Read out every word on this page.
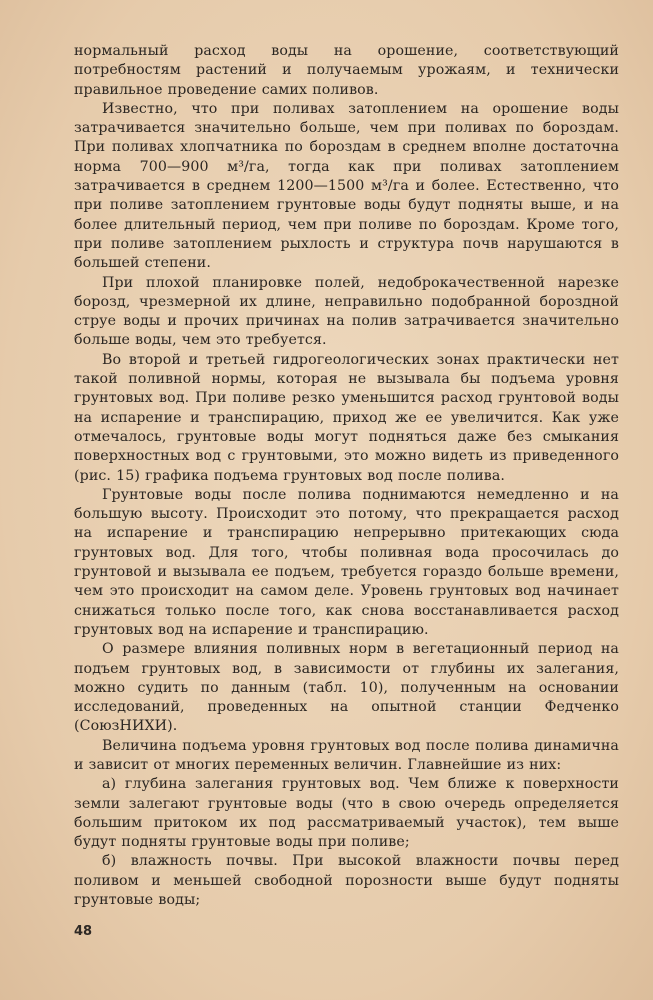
нормальный расход воды на орошение, соответствующий потребностям растений и получаемым урожаям, и технически правильное проведение самих поливов.

Известно, что при поливах затоплением на орошение воды затрачивается значительно больше, чем при поливах по бороздам. При поливах хлопчатника по бороздам в среднем вполне достаточна норма 700—900 м³/га, тогда как при поливах затоплением затрачивается в среднем 1200—1500 м³/га и более. Естественно, что при поливе затоплением грунтовые воды будут подняты выше, и на более длительный период, чем при поливе по бороздам. Кроме того, при поливе затоплением рыхлость и структура почв нарушаются в большей степени.

При плохой планировке полей, недоброкачественной нарезке борозд, чрезмерной их длине, неправильно подобранной бороздной струе воды и прочих причинах на полив затрачивается значительно больше воды, чем это требуется.

Во второй и третьей гидрогеологических зонах практически нет такой поливной нормы, которая не вызывала бы подъема уровня грунтовых вод. При поливе резко уменьшится расход грунтовой воды на испарение и транспирацию, приход же ее увеличится. Как уже отмечалось, грунтовые воды могут подняться даже без смыкания поверхностных вод с грунтовыми, это можно видеть из приведенного (рис. 15) графика подъема грунтовых вод после полива.

Грунтовые воды после полива поднимаются немедленно и на большую высоту. Происходит это потому, что прекращается расход на испарение и транспирацию непрерывно притекающих сюда грунтовых вод. Для того, чтобы поливная вода просочилась до грунтовой и вызывала ее подъем, требуется гораздо больше времени, чем это происходит на самом деле. Уровень грунтовых вод начинает снижаться только после того, как снова восстанавливается расход грунтовых вод на испарение и транспирацию.

О размере влияния поливных норм в вегетационный период на подъем грунтовых вод, в зависимости от глубины их залегания, можно судить по данным (табл. 10), полученным на основании исследований, проведенных на опытной станции Федченко (СоюзНИХИ).

Величина подъема уровня грунтовых вод после полива динамична и зависит от многих переменных величин. Главнейшие из них:

а) глубина залегания грунтовых вод. Чем ближе к поверхности земли залегают грунтовые воды (что в свою очередь определяется большим притоком их под рассматриваемый участок), тем выше будут подняты грунтовые воды при поливе;

б) влажность почвы. При высокой влажности почвы перед поливом и меньшей свободной порозности выше будут подняты грунтовые воды;

48
